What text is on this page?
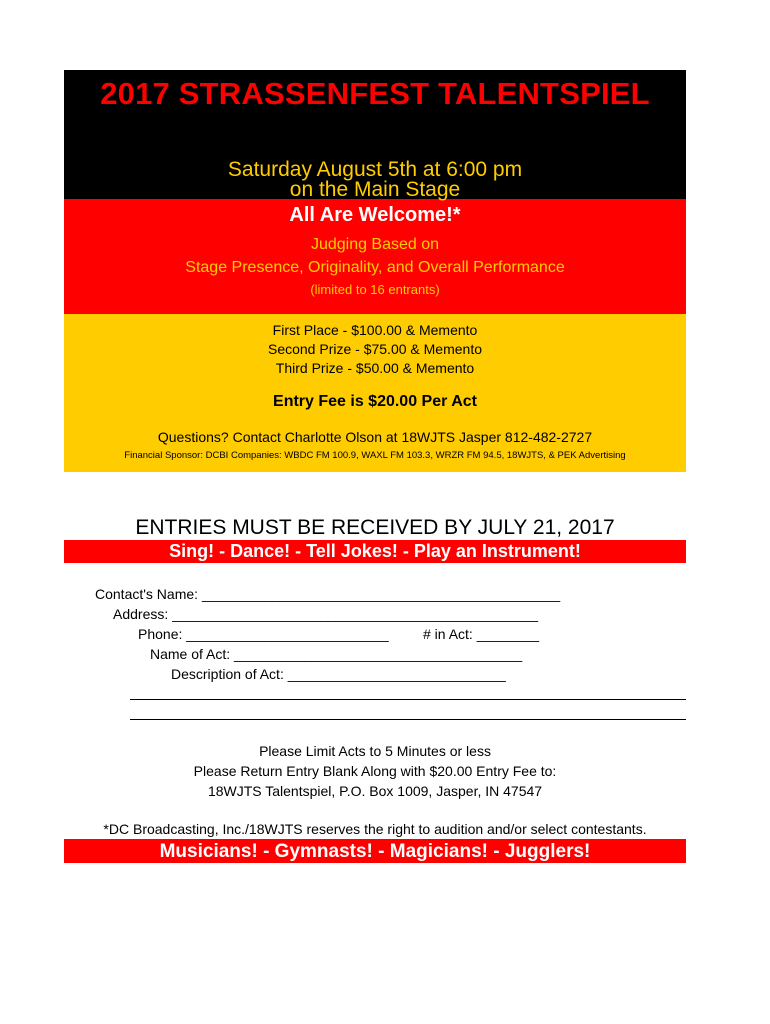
2017 STRASSENFEST TALENTSPIEL
Saturday August 5th at 6:00 pm
on the Main Stage
All Are Welcome!*
Judging Based on
Stage Presence, Originality, and Overall Performance
(limited to 16 entrants)
First Place - $100.00 & Memento
Second Prize - $75.00 & Memento
Third Prize - $50.00 & Memento
Entry Fee is $20.00 Per Act
Questions? Contact Charlotte Olson at 18WJTS Jasper 812-482-2727
Financial Sponsor: DCBI Companies: WBDC FM 100.9, WAXL FM 103.3, WRZR FM 94.5, 18WJTS, & PEK Advertising
ENTRIES MUST BE RECEIVED BY JULY 21, 2017
Sing! - Dance! - Tell Jokes! - Play an Instrument!
Contact's Name: ______________________________________________
Address: _______________________________________________
Phone: __________________________ # in Act: ________
Name of Act: _____________________________________
Description of Act: ____________________________
Please Limit Acts to 5 Minutes or less
Please Return Entry Blank Along with $20.00 Entry Fee to:
18WJTS Talentspiel, P.O. Box 1009, Jasper, IN 47547
*DC Broadcasting, Inc./18WJTS reserves the right to audition and/or select contestants.
Musicians! - Gymnasts! - Magicians! - Jugglers!
